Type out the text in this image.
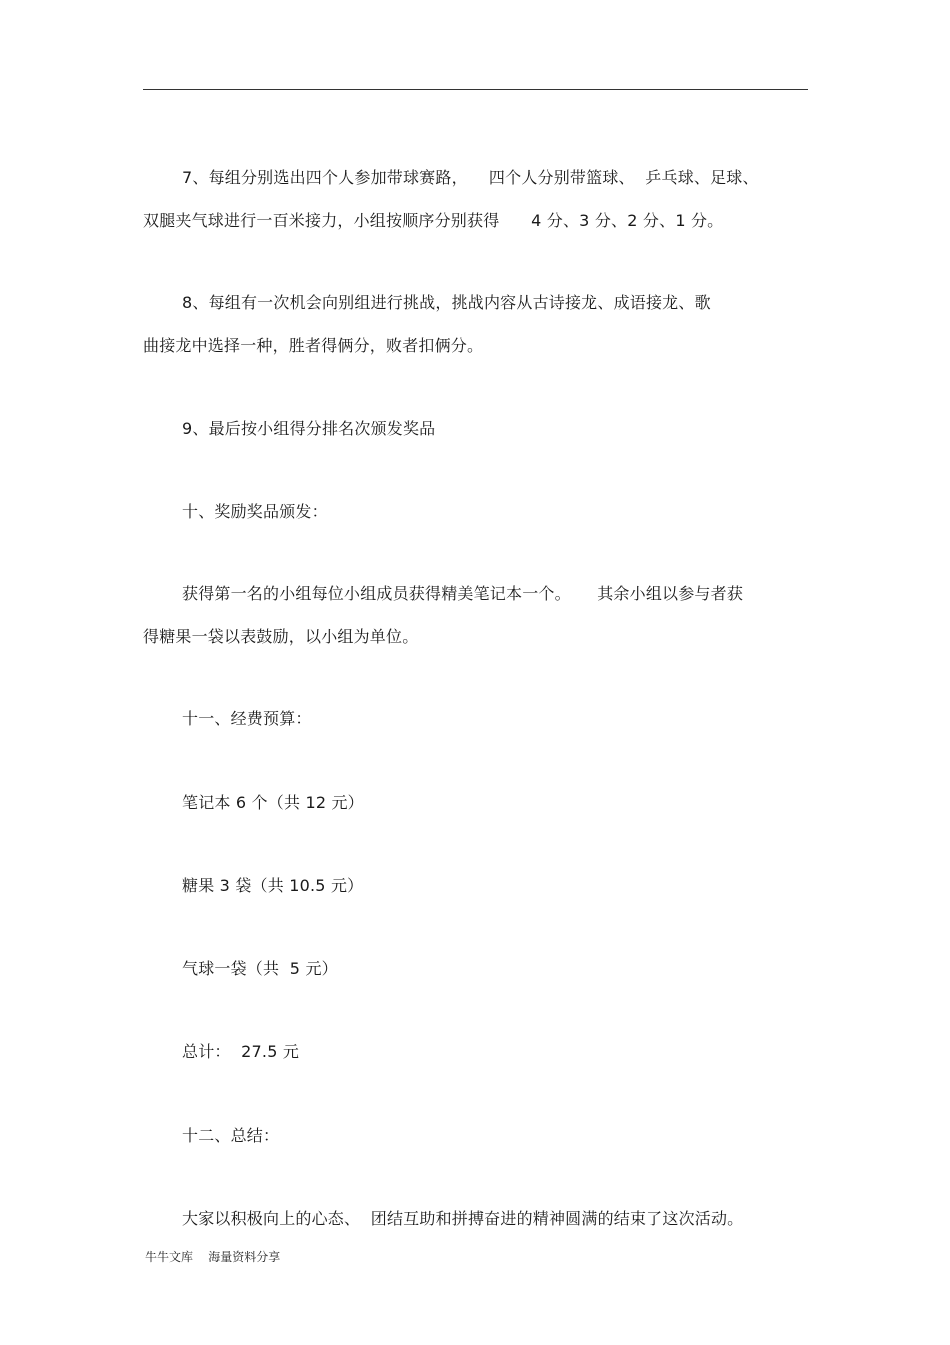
7、每组分别选出四个人参加带球赛路，    四个人分别带篮球、  乒乓球、足球、
双腿夹气球进行一百米接力，小组按顺序分别获得      4 分、3 分、2 分、1 分。
8、每组有一次机会向别组进行挑战，挑战内容从古诗接龙、成语接龙、歌
曲接龙中选择一种，胜者得俩分，败者扣俩分。
9、最后按小组得分排名次颁发奖品
十、奖励奖品颁发：
获得第一名的小组每位小组成员获得精美笔记本一个。     其余小组以参与者获
得糖果一袋以表鼓励，以小组为单位。
十一、经费预算：
笔记本 6 个（共 12 元）
糖果 3 袋（共 10.5 元）
气球一袋（共  5 元）
总计：  27.5 元
十二、总结：
大家以积极向上的心态、  团结互助和拼搏奋进的精神圆满的结束了这次活动。
牛牛文库    海量资料分享
